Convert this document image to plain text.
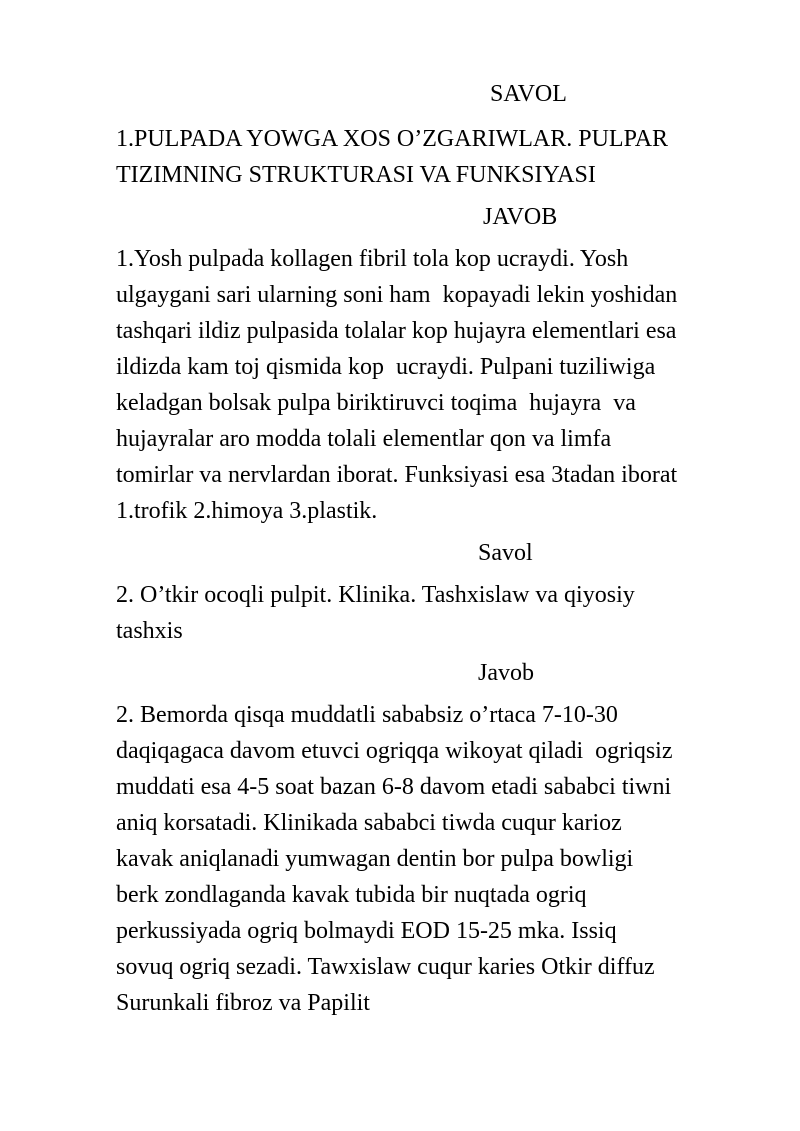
SAVOL

1.PULPADA YOWGA XOS O’ZGARIWLAR. PULPAR

TIZIMNING STRUKTURASI VA FUNKSIYASI

JAVOB

1.Yosh pulpada kollagen fibril tola kop ucraydi. Yosh

ulgaygani sari ularning soni ham  kopayadi lekin yoshidan

tashqari ildiz pulpasida tolalar kop hujayra elementlari esa

ildizda kam toj qismida kop  ucraydi. Pulpani tuziliwiga

keladgan bolsak pulpa biriktiruvci toqima  hujayra  va

hujayralar aro modda tolali elementlar qon va limfa

tomirlar va nervlardan iborat. Funksiyasi esa 3tadan iborat

1.trofik 2.himoya 3.plastik.

Savol

2. O’tkir ocoqli pulpit. Klinika. Tashxislaw va qiyosiy

tashxis

Javob

2. Bemorda qisqa muddatli sababsiz o’rtaca 7-10-30

daqiqagaca davom etuvci ogriqqa wikoyat qiladi  ogriqsiz

muddati esa 4-5 soat bazan 6-8 davom etadi sababci tiwni

aniq korsatadi. Klinikada sababci tiwda cuqur karioz

kavak aniqlanadi yumwagan dentin bor pulpa bowligi

berk zondlaganda kavak tubida bir nuqtada ogriq

perkussiyada ogriq bolmaydi EOD 15-25 mka. Issiq

sovuq ogriq sezadi. Tawxislaw cuqur karies Otkir diffuz

Surunkali fibroz va Papilit
